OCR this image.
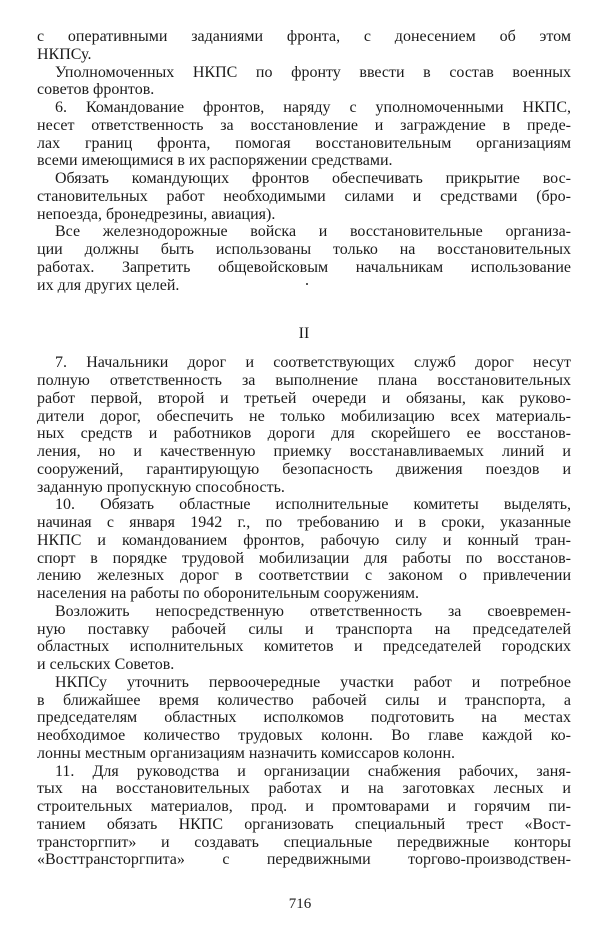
с оперативными заданиями фронта, с донесением об этом
НКПСу.
Уполномоченных НКПС по фронту ввести в состав военных
советов фронтов.
6. Командование фронтов, наряду с уполномоченными НКПС,
несет ответственность за восстановление и заграждение в преде-
лах границ фронта, помогая восстановительным организациям
всеми имеющимися в их распоряжении средствами.
Обязать командующих фронтов обеспечивать прикрытие вос-
становительных работ необходимыми силами и средствами (бро-
непоезда, бронедрезины, авиация).
Все железнодорожные войска и восстановительные организа-
ции должны быть использованы только на восстановительных
работах. Запретить общевойсковым начальникам использование
их для других целей.
II
7. Начальники дорог и соответствующих служб дорог несут
полную ответственность за выполнение плана восстановительных
работ первой, второй и третьей очереди и обязаны, как руково-
дители дорог, обеспечить не только мобилизацию всех материаль-
ных средств и работников дороги для скорейшего ее восстанов-
ления, но и качественную приемку восстанавливаемых линий и
сооружений, гарантирующую безопасность движения поездов и
заданную пропускную способность.
10. Обязать областные исполнительные комитеты выделять,
начиная с января 1942 г., по требованию и в сроки, указанные
НКПС и командованием фронтов, рабочую силу и конный тран-
спорт в порядке трудовой мобилизации для работы по восстанов-
лению железных дорог в соответствии с законом о привлечении
населения на работы по оборонительным сооружениям.
Возложить непосредственную ответственность за своевремен-
ную поставку рабочей силы и транспорта на председателей
областных исполнительных комитетов и председателей городских
и сельских Советов.
НКПСу уточнить первоочередные участки работ и потребное
в ближайшее время количество рабочей силы и транспорта, а
председателям областных исполкомов подготовить на местах
необходимое количество трудовых колонн. Во главе каждой ко-
лонны местным организациям назначить комиссаров колонн.
11. Для руководства и организации снабжения рабочих, заня-
тых на восстановительных работах и на заготовках лесных и
строительных материалов, прод. и промтоварами и горячим пи-
танием обязать НКПС организовать специальный трест «Вост-
трансторгпит» и создавать специальные передвижные конторы
«Восттрансторгпита» с передвижными торгово-производствен-
716
